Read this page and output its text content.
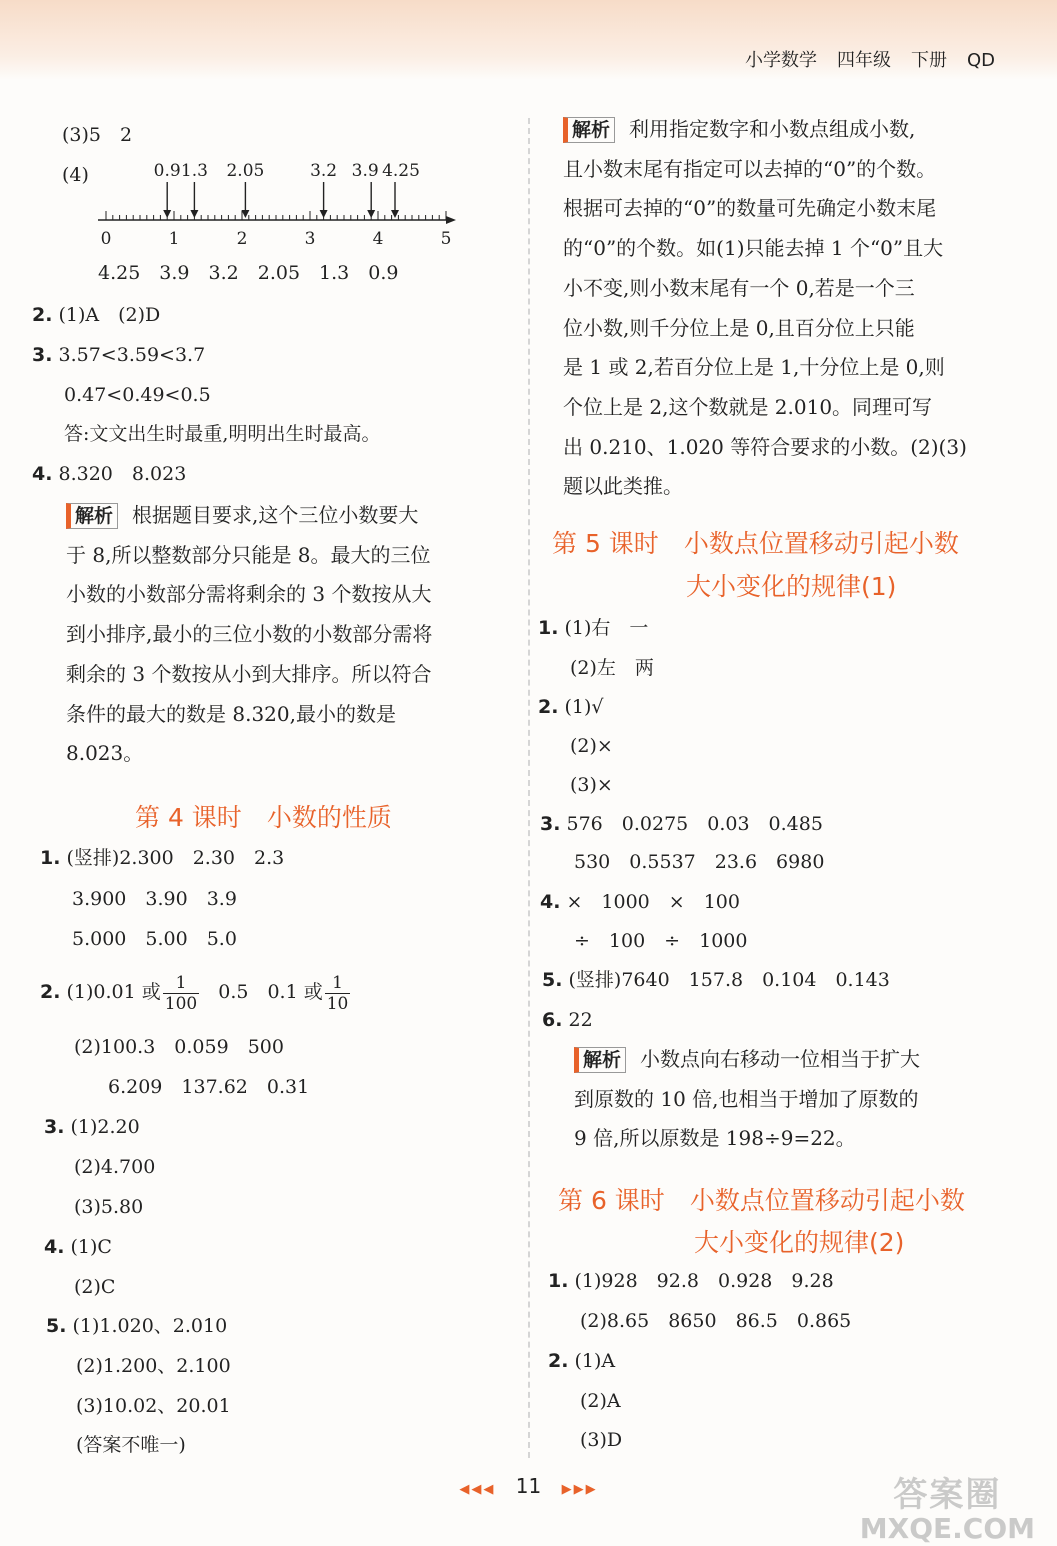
小学数学 四年级 下册 QD
(3)5　2
(4)
0	1	2	3	4	5
0.9 1.3 2.05	3.2 3.9 4.25
4.25　3.9　3.2　2.05　1.3　0.9
2. (1)A　(2)D
3. 3.57<3.59<3.7
0.47<0.49<0.5
答:文文出生时最重,明明出生时最高。
4. 8.320　8.023
解析 根据题目要求,这个三位小数要大
于 8,所以整数部分只能是 8。最大的三位
小数的小数部分需将剩余的 3 个数按从大
到小排序,最小的三位小数的小数部分需将
剩余的 3 个数按从小到大排序。所以符合
条件的最大的数是 8.320,最小的数是
8.023。
第 4 课时　 小数的性质
1. (竖排)2.300　2.30　2.3
3.900　3.90　3.9
5.000　5.00　5.0
2. (1)0.01 或 $\frac{1}{100}$
　 0.5　0.1 或 $\frac{1}{10}$
(2)100.3　0.059　500
6.209　137.62　0.31
3. (1)2.20
(2)4.700
(3)5.80
4. (1)C
(2)C
5. (1)1.020、2.010
(2)1.200、2.100
(3)10.02、20.01
(答案不唯一)
解析 利用指定数字和小数点组成小数,
且小数末尾有指定可以去掉的“0”的个数。
根据可去掉的“0”的数量可先确定小数末尾
的“0”的个数。如(1)只能去掉 1 个“0”且大
小不变,则小数末尾有一个 0,若是一个三
位小数,则千分位上是 0,且百分位上只能
是 1 或 2,若百分位上是 1,十分位上是 0,则
个位上是 2,这个数就是 2.010。同理可写
出 0.210、1.020 等符合要求的小数。(2)(3)
题以此类推。
第 5 课时　 小数点位置移动引起小数
大小变化的规律(1)
1. (1)右　一
(2)左　两
2. (1)√
(2)×
(3)×
3. 576　0.0275　0.03　0.485
530　0.5537　23.6　6980
4. ×　1000　×　100
÷　100　÷　1000
5. (竖排)7640　157.8　0.104　0.143
6. 22
解析 小数点向右移动一位相当于扩大
到原数的 10 倍,也相当于增加了原数的
9 倍,所以原数是 198÷9=22。
第 6 课时　 小数点位置移动引起小数
大小变化的规律(2)
1. (1)928　92.8　0.928　9.28
(2)8.65　8650　86.5　0.865
2. (1)A
(2)A
(3)D
◀◀◀ 11 ▶▶▶	答案圈
MXQE.COM
